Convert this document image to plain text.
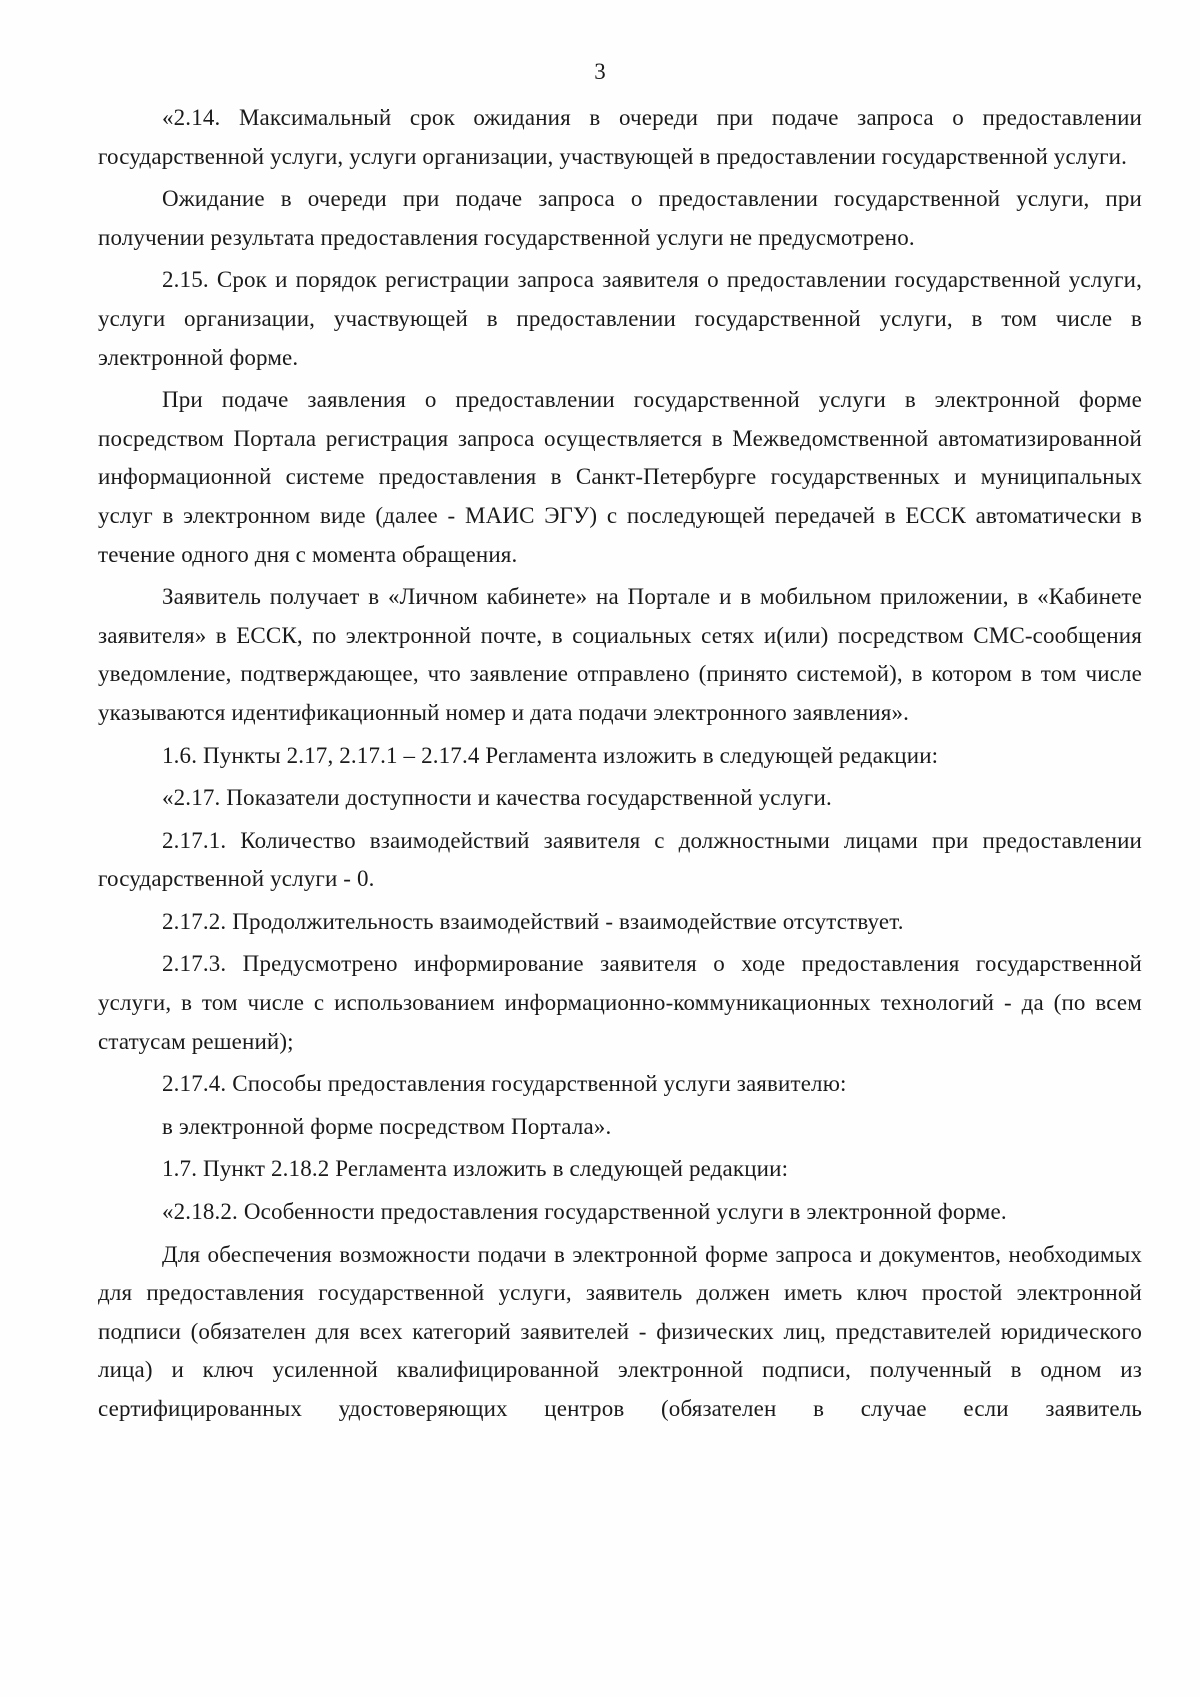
3

«2.14. Максимальный срок ожидания в очереди при подаче запроса о предоставлении государственной услуги, услуги организации, участвующей в предоставлении государственной услуги.

Ожидание в очереди при подаче запроса о предоставлении государственной услуги, при получении результата предоставления государственной услуги не предусмотрено.

2.15. Срок и порядок регистрации запроса заявителя о предоставлении государственной услуги, услуги организации, участвующей в предоставлении государственной услуги, в том числе в электронной форме.

При подаче заявления о предоставлении государственной услуги в электронной форме посредством Портала регистрация запроса осуществляется в Межведомственной автоматизированной информационной системе предоставления в Санкт-Петербурге государственных и муниципальных услуг в электронном виде (далее - МАИС ЭГУ) с последующей передачей в ЕССК автоматически в течение одного дня с момента обращения.

Заявитель получает в «Личном кабинете» на Портале и в мобильном приложении, в «Кабинете заявителя» в ЕССК, по электронной почте, в социальных сетях и(или) посредством СМС-сообщения уведомление, подтверждающее, что заявление отправлено (принято системой), в котором в том числе указываются идентификационный номер и дата подачи электронного заявления».

1.6. Пункты 2.17, 2.17.1 – 2.17.4 Регламента изложить в следующей редакции:

«2.17. Показатели доступности и качества государственной услуги.

2.17.1. Количество взаимодействий заявителя с должностными лицами при предоставлении государственной услуги - 0.

2.17.2. Продолжительность взаимодействий - взаимодействие отсутствует.

2.17.3. Предусмотрено информирование заявителя о ходе предоставления государственной услуги, в том числе с использованием информационно-коммуникационных технологий - да (по всем статусам решений);

2.17.4. Способы предоставления государственной услуги заявителю:

в электронной форме посредством Портала».

1.7. Пункт 2.18.2 Регламента изложить в следующей редакции:

«2.18.2. Особенности предоставления государственной услуги в электронной форме.

Для обеспечения возможности подачи в электронной форме запроса и документов, необходимых для предоставления государственной услуги, заявитель должен иметь ключ простой электронной подписи (обязателен для всех категорий заявителей - физических лиц, представителей юридического лица) и ключ усиленной квалифицированной электронной подписи, полученный в одном из сертифицированных удостоверяющих центров (обязателен в случае если заявитель
